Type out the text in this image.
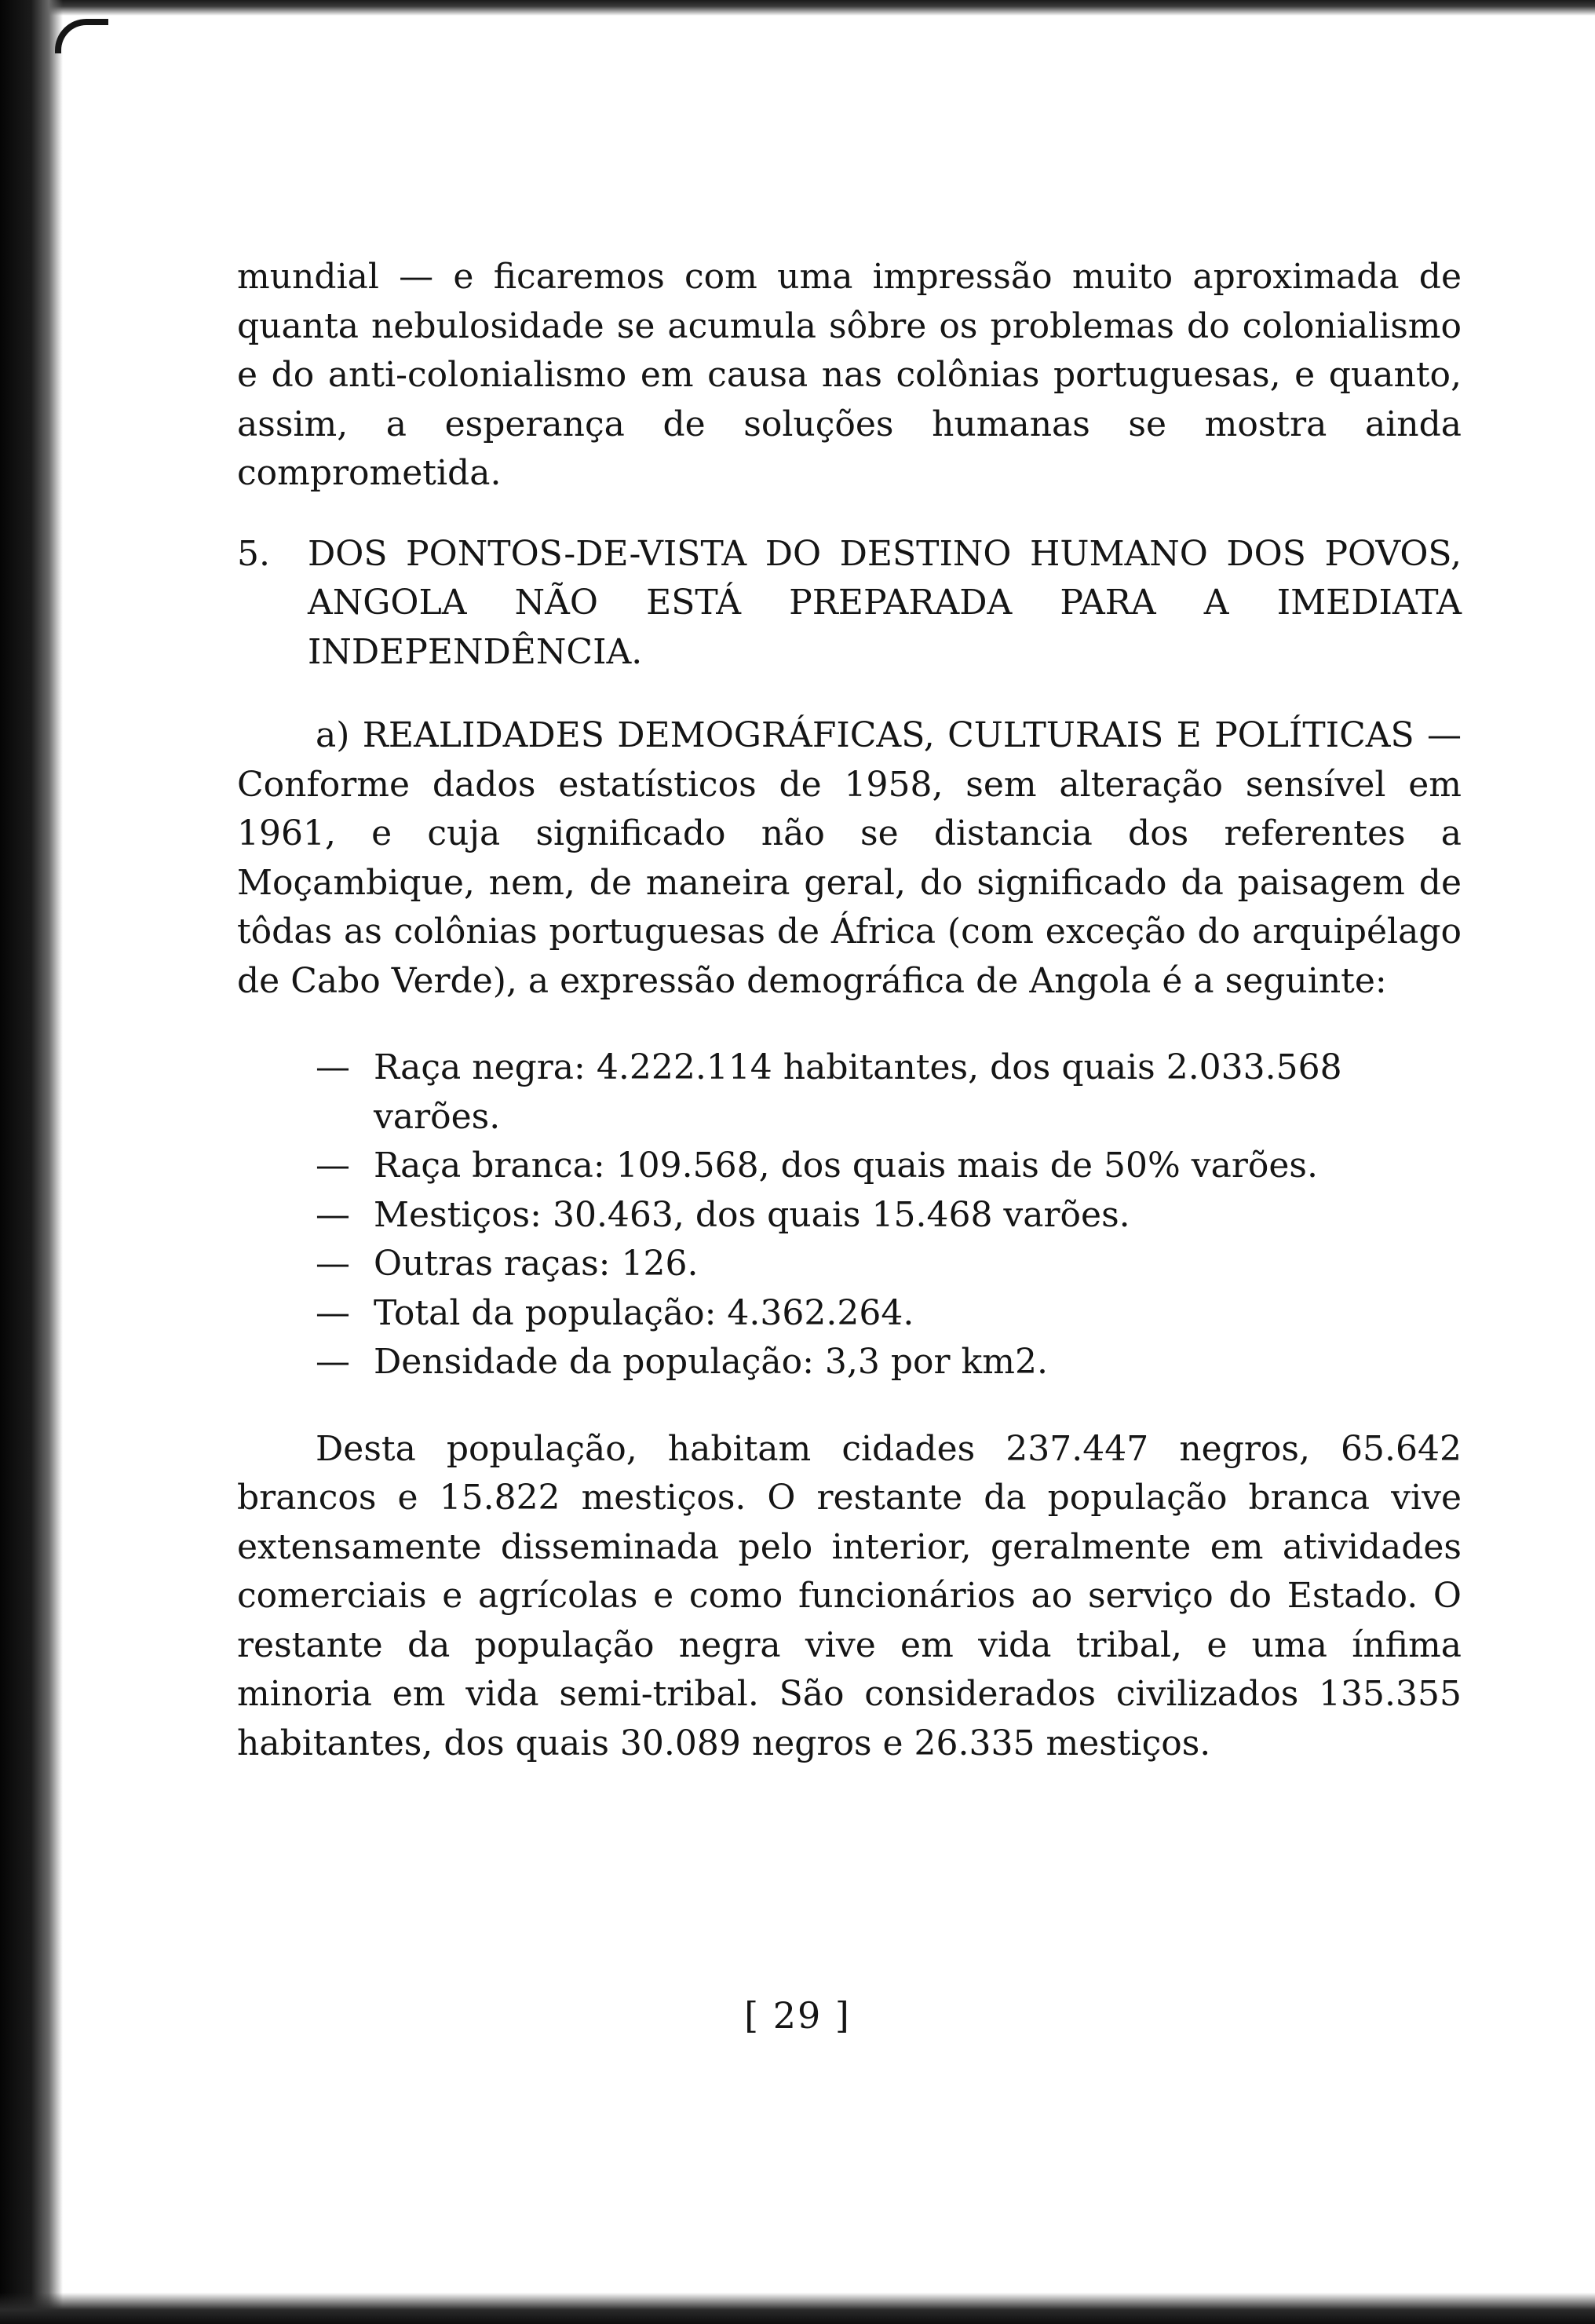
mundial — e ficaremos com uma impressão muito aproximada de quanta nebulosidade se acumula sôbre os problemas do colonialismo e do anti-colonialismo em causa nas colônias portuguesas, e quanto, assim, a esperança de soluções humanas se mostra ainda comprometida.

5. DOS PONTOS-DE-VISTA DO DESTINO HUMANO DOS POVOS, ANGOLA NÃO ESTÁ PREPARADA PARA A IMEDIATA INDEPENDÊNCIA.

a) REALIDADES DEMOGRÁFICAS, CULTURAIS E POLÍTICAS — Conforme dados estatísticos de 1958, sem alteração sensível em 1961, e cuja significado não se distancia dos referentes a Moçambique, nem, de maneira geral, do significado da paisagem de tôdas as colônias portuguesas de África (com exceção do arquipélago de Cabo Verde), a expressão demográfica de Angola é a seguinte:

— Raça negra: 4.222.114 habitantes, dos quais 2.033.568 varões.
— Raça branca: 109.568, dos quais mais de 50% varões.
— Mestiços: 30.463, dos quais 15.468 varões.
— Outras raças: 126.
— Total da população: 4.362.264.
— Densidade da população: 3,3 por km2.

Desta população, habitam cidades 237.447 negros, 65.642 brancos e 15.822 mestiços. O restante da população branca vive extensamente disseminada pelo interior, geralmente em atividades comerciais e agrícolas e como funcionários ao serviço do Estado. O restante da população negra vive em vida tribal, e uma ínfima minoria em vida semi-tribal. São considerados civilizados 135.355 habitantes, dos quais 30.089 negros e 26.335 mestiços.

[ 29 ]
